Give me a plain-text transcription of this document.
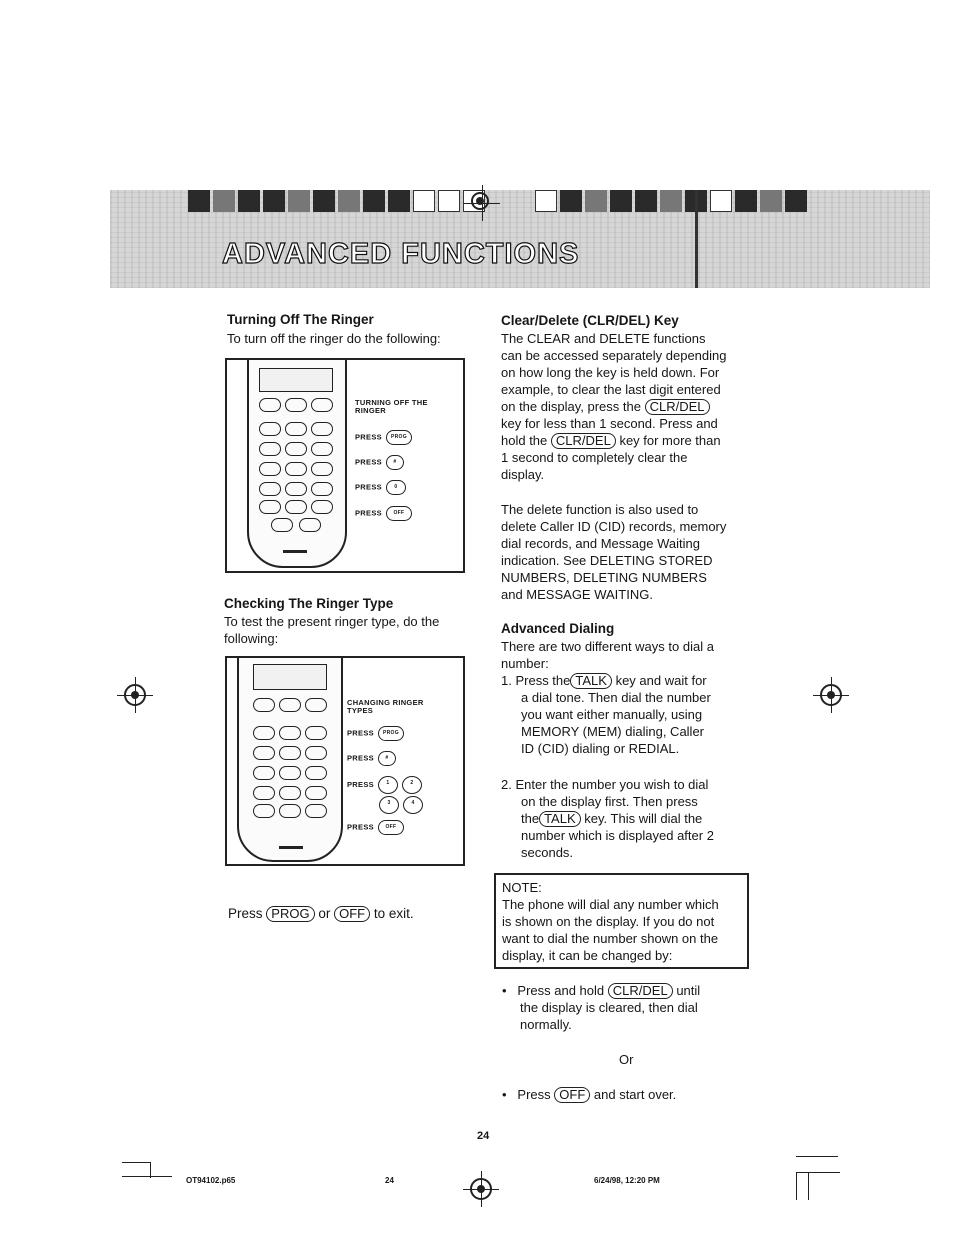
ADVANCED FUNCTIONS
Turning Off The Ringer
To turn off the ringer do the following:
TURNING OFF THE
RINGER
PRESS PROG
PRESS #
PRESS 0
PRESS OFF
Checking The Ringer Type
To test the present ringer type, do the following:
CHANGING RINGER
TYPES
PRESS PROG
PRESS #
PRESS 1	2
3	4
PRESS OFF
Press PROG or OFF to exit.
Clear/Delete (CLR/DEL) Key
The CLEAR and DELETE functions
can be accessed separately depending
on how long the key is held down. For
example, to clear the last digit entered
on the display, press the CLR/DEL
key for less than 1 second. Press and
hold the CLR/DEL key for more than
1 second to completely clear the
display.
The delete function is also used to
delete Caller ID (CID) records, memory
dial records, and Message Waiting
indication. See DELETING STORED
NUMBERS, DELETING NUMBERS
and MESSAGE WAITING.
Advanced Dialing
There are two different ways to dial a
number:
1. Press the TALK key and wait for
a dial tone. Then dial the number
you want either manually, using
MEMORY (MEM) dialing, Caller
ID (CID) dialing or REDIAL.
2. Enter the number you wish to dial
on the display first. Then press
the TALK key. This will dial the
number which is displayed after 2
seconds.
NOTE:
The phone will dial any number which
is shown on the display. If you do not
want to dial the number shown on the
display, it can be changed by:
• Press and hold CLR/DEL until
the display is cleared, then dial
normally.
Or
• Press OFF and start over.
24
OT94102.p65	24	6/24/98, 12:20 PM
